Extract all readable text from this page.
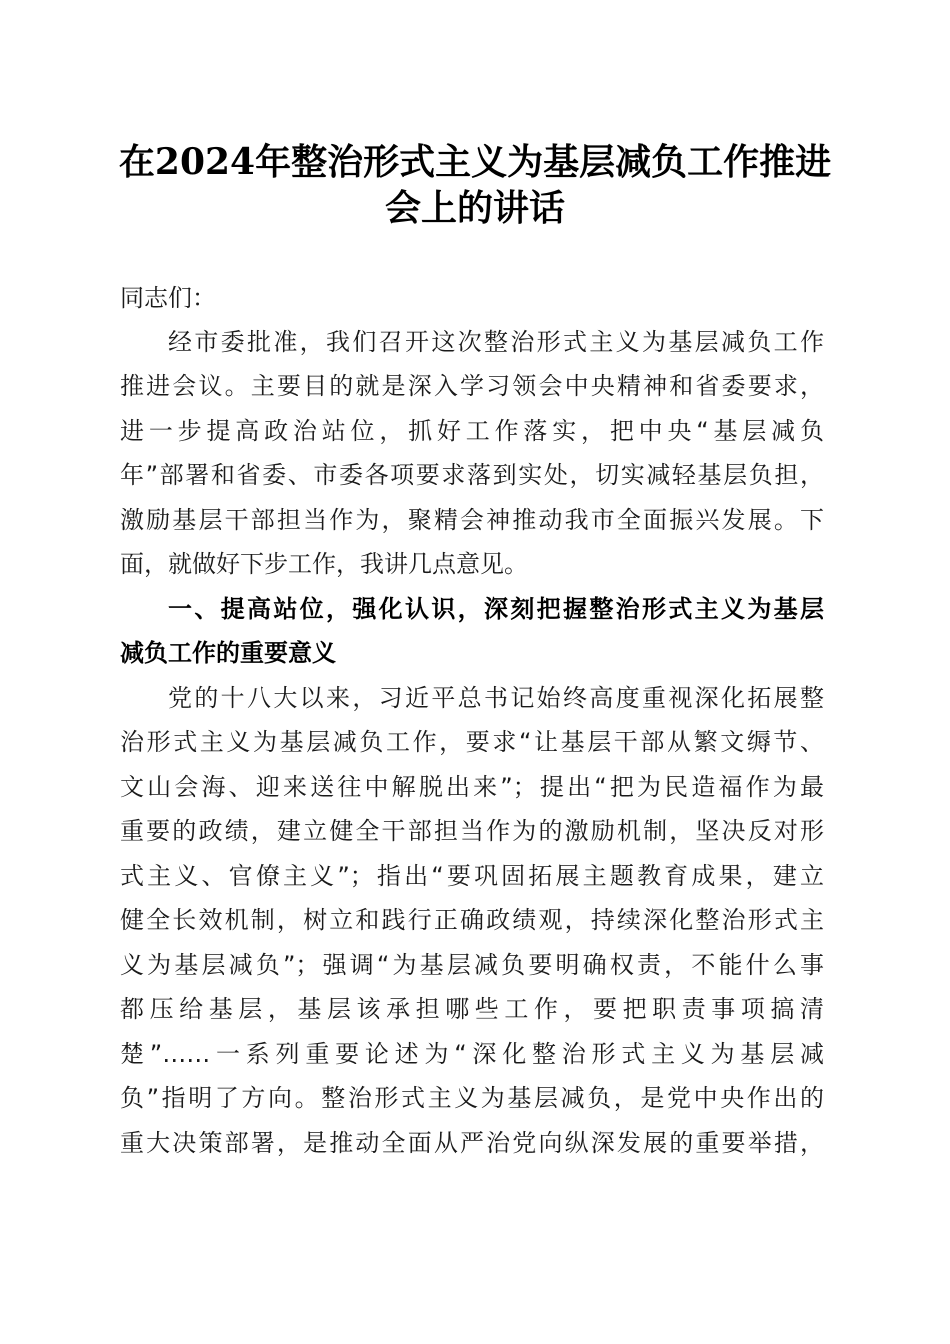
在2024年整治形式主义为基层减负工作推进
会上的讲话
同志们：
经市委批准，我们召开这次整治形式主义为基层减负工作
推进会议。主要目的就是深入学习领会中央精神和省委要求，
进一步提高政治站位，抓好工作落实，把中央“基层减负
年”部署和省委、市委各项要求落到实处，切实减轻基层负担，
激励基层干部担当作为，聚精会神推动我市全面振兴发展。下
面，就做好下步工作，我讲几点意见。
一、提高站位，强化认识，深刻把握整治形式主义为基层
减负工作的重要意义
党的十八大以来，习近平总书记始终高度重视深化拓展整
治形式主义为基层减负工作，要求“让基层干部从繁文缛节、
文山会海、迎来送往中解脱出来”；提出“把为民造福作为最
重要的政绩，建立健全干部担当作为的激励机制，坚决反对形
式主义、官僚主义”；指出“要巩固拓展主题教育成果，建立
健全长效机制，树立和践行正确政绩观，持续深化整治形式主
义为基层减负”；强调“为基层减负要明确权责，不能什么事
都压给基层，基层该承担哪些工作，要把职责事项搞清
楚”……一系列重要论述为“深化整治形式主义为基层减
负”指明了方向。整治形式主义为基层减负，是党中央作出的
重大决策部署，是推动全面从严治党向纵深发展的重要举措，
